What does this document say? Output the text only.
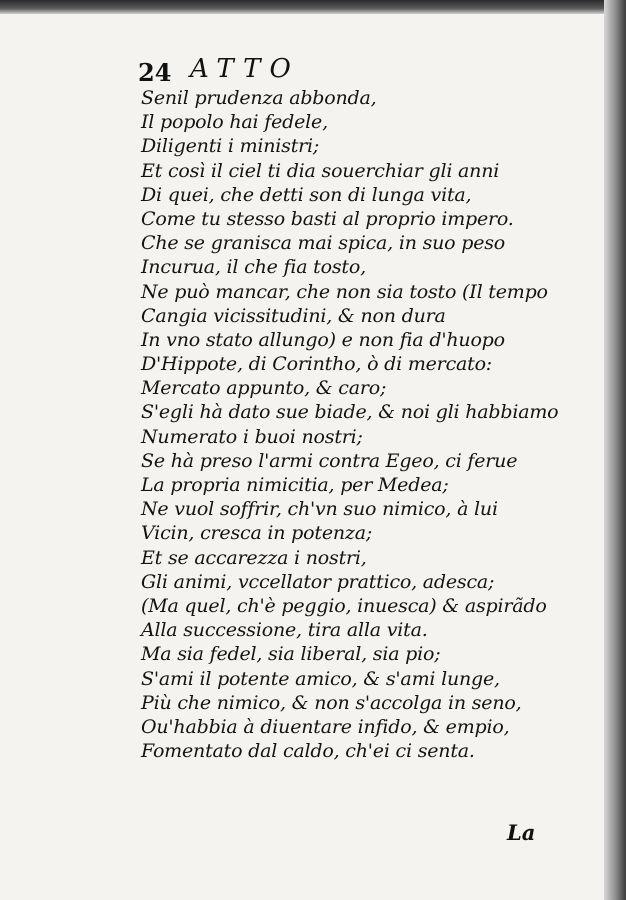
24 ATTO
Senil prudenza abbonda,
Il popolo hai fedele,
Diligenti i ministri;
Et così il ciel ti dia souerchiar gli anni
Di quei, che detti son di lunga vita,
Come tu stesso basti al proprio impero.
Che se granisca mai spica, in suo peso
Incurua, il che fia tosto,
Ne può mancar, che non sia tosto (Il tempo
Cangia vicissitudini, & non dura
In vno stato allungo) e non fia d'huopo
D'Hippote, di Corintho, ò di mercato:
Mercato appunto, & caro;
S'egli hà dato sue biade, & noi gli habbiamo
Numerato i buoi nostri;
Se hà preso l'armi contra Egeo, ci ferue
La propria nimicitia, per Medea;
Ne vuol soffrir, ch'vn suo nimico, à lui
Vicin, cresca in potenza;
Et se accarezza i nostri,
Gli animi, vccellator prattico, adesca;
(Ma quel, ch'è peggio, inuesca) & aspirãdo
Alla successione, tira alla vita.
Ma sia fedel, sia liberal, sia pio;
S'ami il potente amico, & s'ami lunge,
Più che nimico, & non s'accolga in seno,
Ou'habbia à diuentare infido, & empio,
Fomentato dal caldo, ch'ei ci senta.
La
